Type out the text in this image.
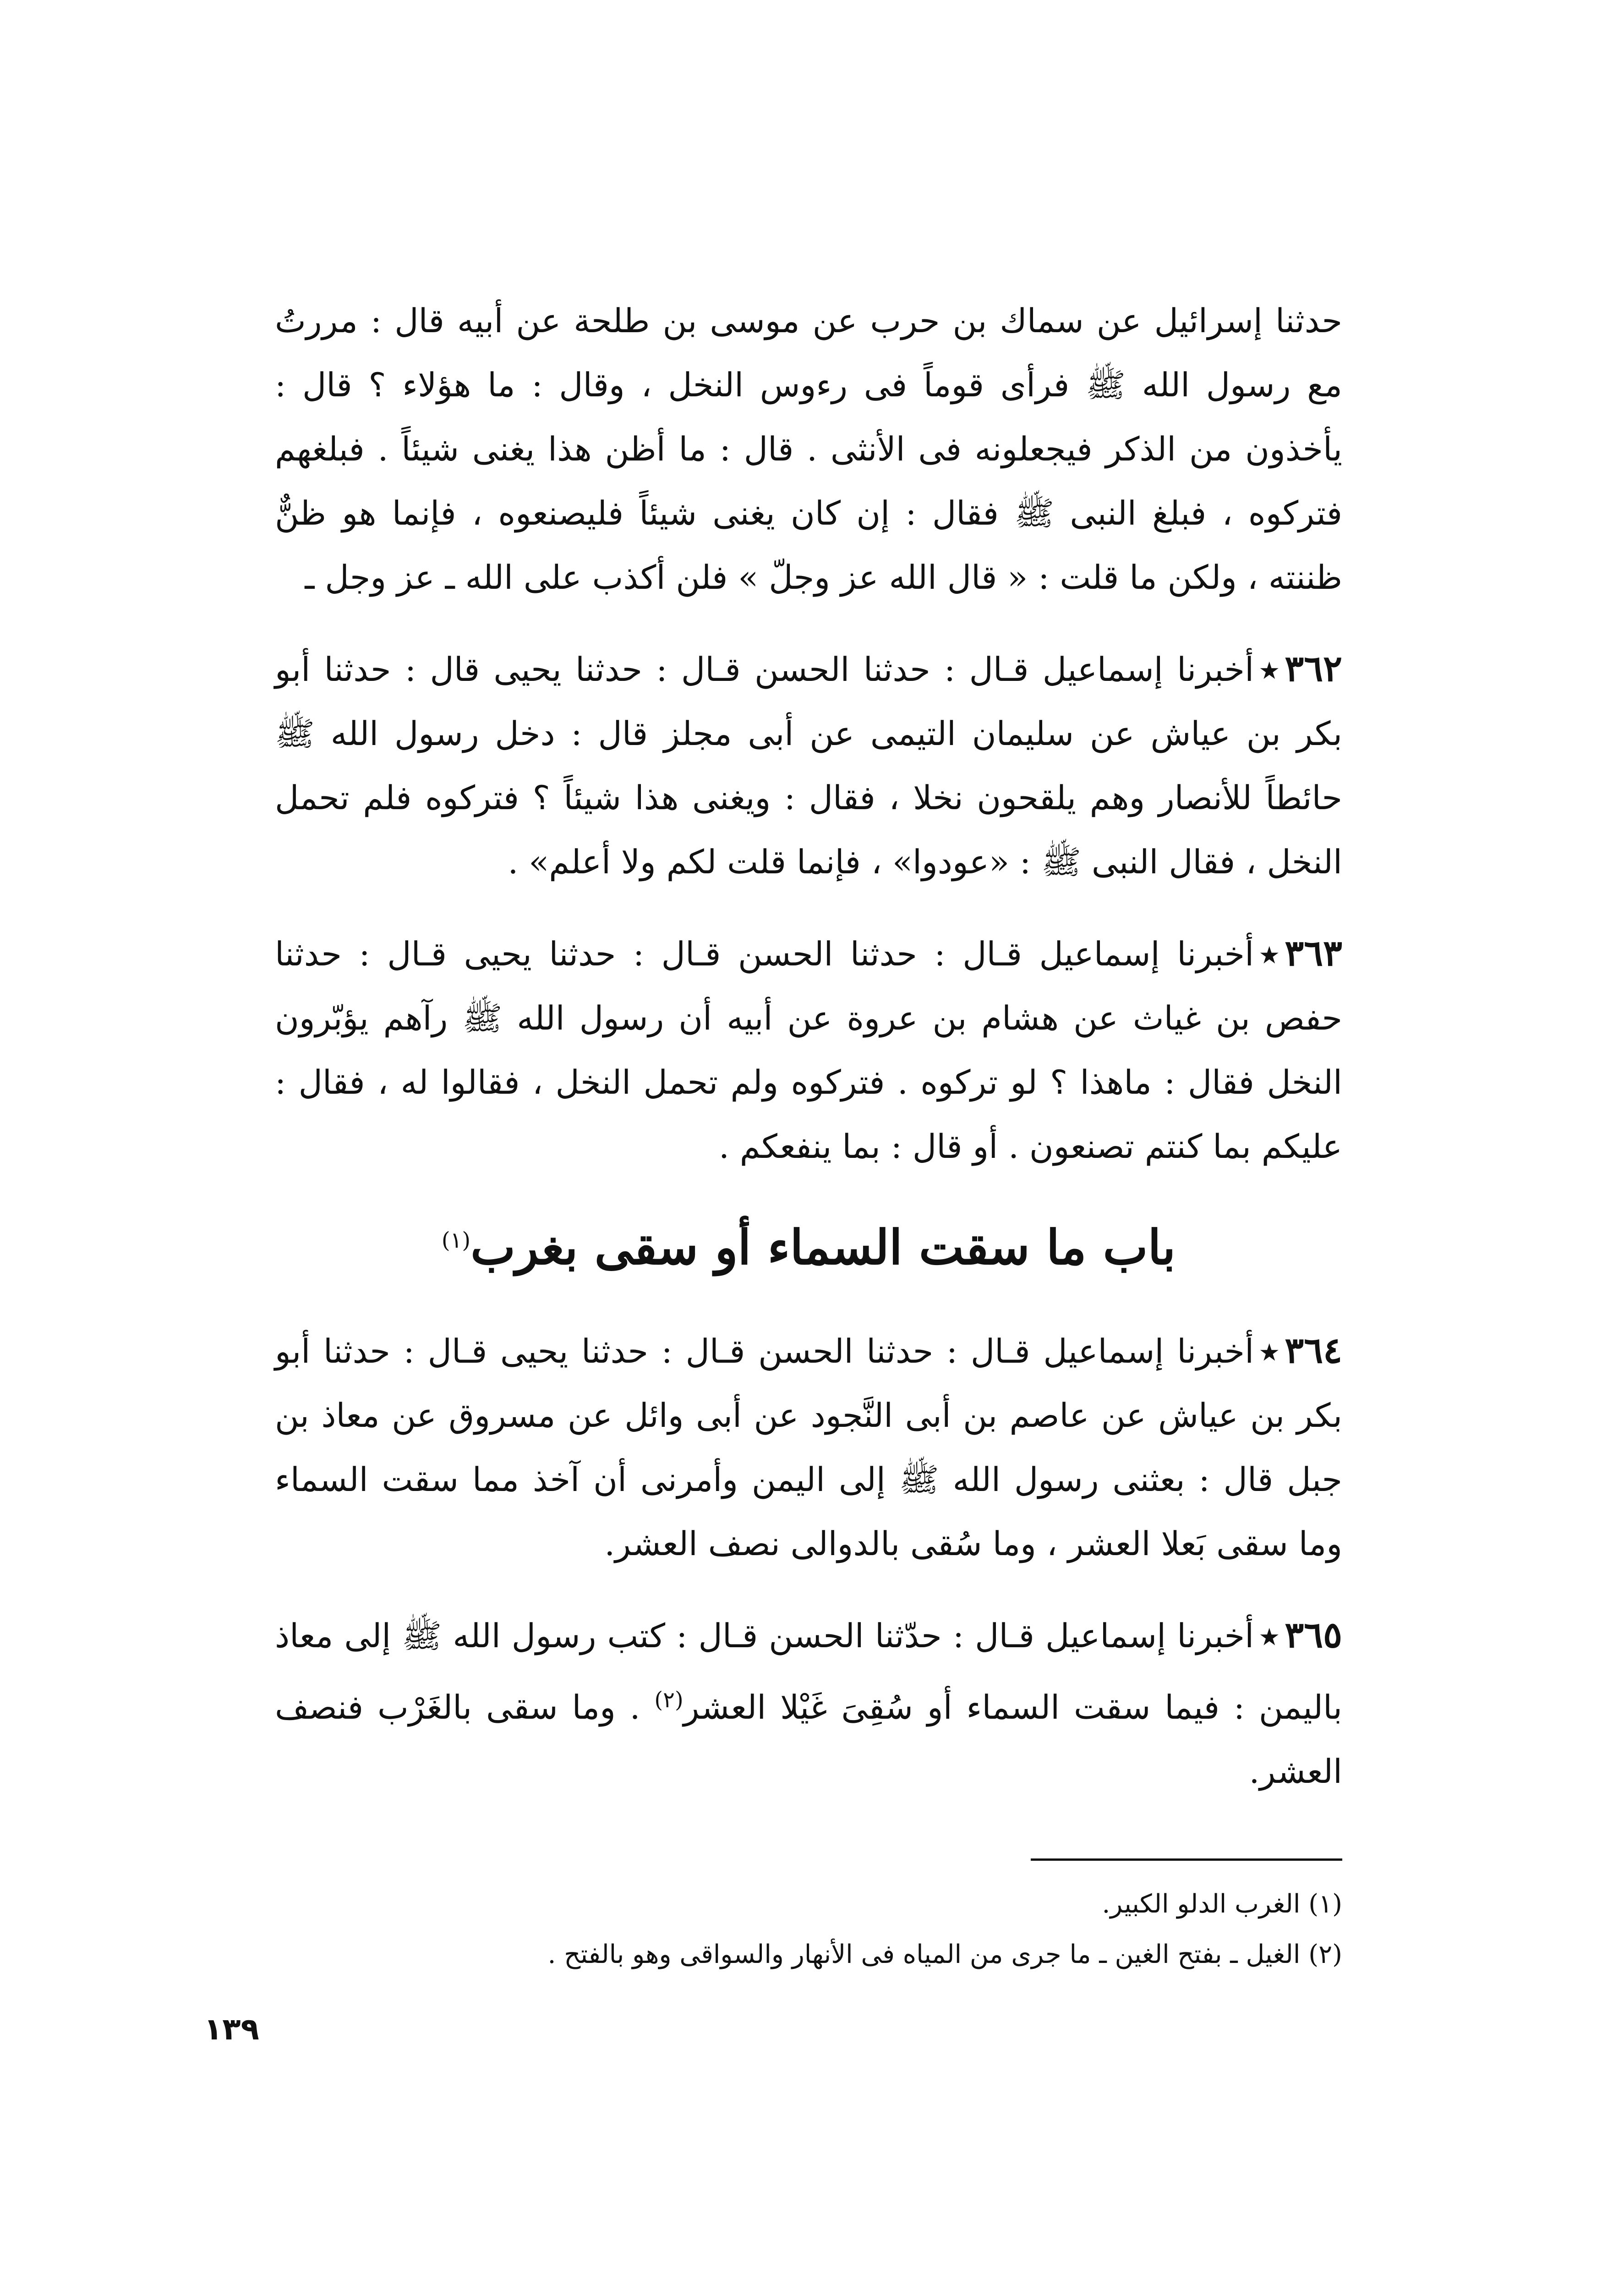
حدثنا إسرائيل عن سماك بن حرب عن موسى بن طلحة عن أبيه قال : مررتُ مع رسول الله ﷺ فرأى قوماً فى رءوس النخل ، وقال : ما هؤلاء ؟ قال : يأخذون من الذكر فيجعلونه فى الأنثى . قال : ما أظن هذا يغنى شيئاً . فبلغهم فتركوه ، فبلغ النبى ﷺ فقال : إن كان يغنى شيئاً فليصنعوه ، فإنما هو ظنٌّ ظننته ، ولكن ما قلت : « قال الله عز وجلّ » فلن أكذب على الله ـ عز وجل ـ

٣٦٢٭أخبرنا إسماعيل قـال : حدثنا الحسن قـال : حدثنا يحيى قال : حدثنا أبو بكر بن عياش عن سليمان التيمى عن أبى مجلز قال : دخل رسول الله ﷺ حائطاً للأنصار وهم يلقحون نخلا ، فقال : ويغنى هذا شيئاً ؟ فتركوه فلم تحمل النخل ، فقال النبى ﷺ : «عودوا» ، فإنما قلت لكم ولا أعلم» .

٣٦٣٭أخبرنا إسماعيل قـال : حدثنا الحسن قـال : حدثنا يحيى قـال : حدثنا حفص بن غياث عن هشام بن عروة عن أبيه أن رسول الله ﷺ رآهم يؤبّرون النخل فقال : ماهذا ؟ لو تركوه . فتركوه ولم تحمل النخل ، فقالوا له ، فقال : عليكم بما كنتم تصنعون . أو قال : بما ينفعكم .

باب ما سقت السماء أو سقى بغرب$^{(١)}$

٣٦٤٭أخبرنا إسماعيل قـال : حدثنا الحسن قـال : حدثنا يحيى قـال : حدثنا أبو بكر بن عياش عن عاصم بن أبى النَّجود عن أبى وائل عن مسروق عن معاذ بن جبل قال : بعثنى رسول الله ﷺ إلى اليمن وأمرنى أن آخذ مما سقت السماء وما سقى بَعلا العشر ، وما سُقى بالدوالى نصف العشر.

٣٦٥٭أخبرنا إسماعيل قـال : حدّثنا الحسن قـال : كتب رسول الله ﷺ إلى معاذ باليمن : فيما سقت السماء أو سُقِىَ غَيْلا العشر$^{(٢)}$ . وما سقى بالغَرْب فنصف العشر.

(١) الغرب الدلو الكبير.

(٢) الغيل ـ بفتح الغين ـ ما جرى من المياه فى الأنهار والسواقى وهو بالفتح .

١٣٩
